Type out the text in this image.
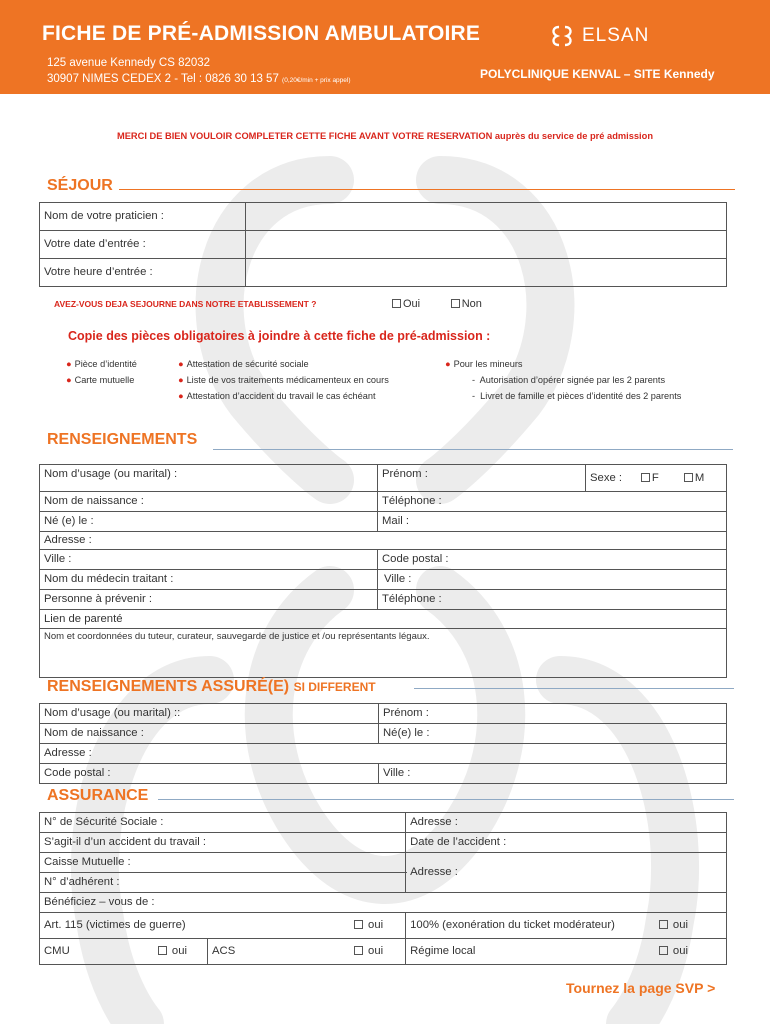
FICHE DE PRÉ-ADMISSION AMBULATOIRE
125 avenue Kennedy CS 82032
30907 NIMES CEDEX 2 - Tel : 0826 30 13 57 (0,20€/min + prix appel)
ELSAN
POLYCLINIQUE KENVAL – SITE Kennedy
MERCI DE BIEN VOULOIR COMPLETER CETTE FICHE AVANT VOTRE RESERVATION auprès du service de pré admission
SÉJOUR
Nom de votre praticien :	
Votre date d’entrée :	
Votre heure d’entrée :	
AVEZ-VOUS DEJA SEJOURNE DANS NOTRE ETABLISSEMENT ?	Oui	Non
Copie des pièces obligatoires à joindre à cette fiche de pré-admission :
● Pièce d’identité
● Carte mutuelle
● Attestation de sécurité sociale
● Liste de vos traitements médicamenteux en cours
● Attestation d’accident du travail le cas échéant
● Pour les mineurs
-  Autorisation d’opérer signée par les 2 parents
-  Livret de famille et pièces d’identité des 2 parents
RENSEIGNEMENTS
Nom d’usage (ou marital) :	Prénom :	Sexe : F M
Nom de naissance :	Téléphone :	
Né (e) le :	Mail :	
Adresse :		
Ville :	Code postal :	
Nom du médecin traitant :	Ville :	
Personne à prévenir :	Téléphone :	
Lien de parenté		
Nom et coordonnées du tuteur, curateur, sauvegarde de justice et /ou représentants légaux.		
RENSEIGNEMENTS ASSURÉ(E) SI DIFFERENT
Nom d’usage (ou marital) ::	Prénom :
Nom de naissance :	Né(e) le :
Adresse :	
Code postal :	Ville :
ASSURANCE
N° de Sécurité Sociale :		Adresse :
S’agit-il d’un accident du travail :		Date de l’accident :
Caisse Mutuelle :		Adresse :
N° d’adhérent :		
Bénéficiez – vous de :		
Art. 115 (victimes de guerre) oui		100% (exonération du ticket modérateur) oui

CMU oui	ACS oui	Régime local oui
Tournez la page SVP >
